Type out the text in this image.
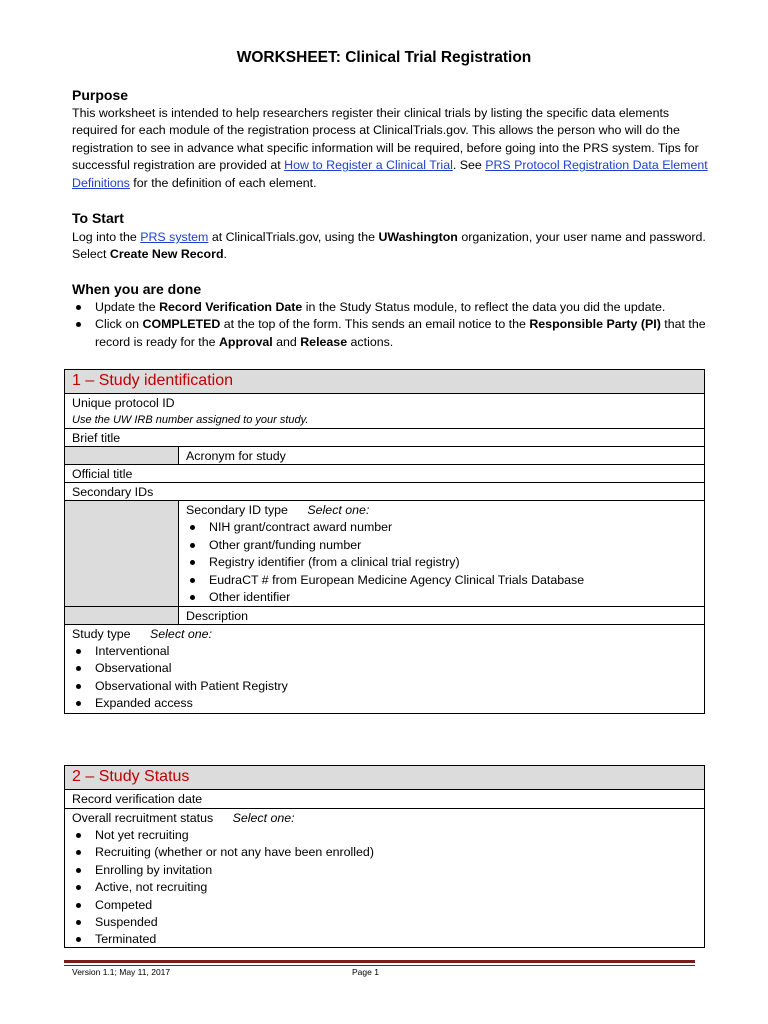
WORKSHEET: Clinical Trial Registration
Purpose
This worksheet is intended to help researchers register their clinical trials by listing the specific data elements required for each module of the registration process at ClinicalTrials.gov. This allows the person who will do the registration to see in advance what specific information will be required, before going into the PRS system. Tips for successful registration are provided at How to Register a Clinical Trial. See PRS Protocol Registration Data Element Definitions for the definition of each element.
To Start
Log into the PRS system at ClinicalTrials.gov, using the UWashington organization, your user name and password. Select Create New Record.
When you are done
Update the Record Verification Date in the Study Status module, to reflect the data you did the update.
Click on COMPLETED at the top of the form. This sends an email notice to the Responsible Party (PI) that the record is ready for the Approval and Release actions.
1 – Study identification
Unique protocol ID
Use the UW IRB number assigned to your study.
Brief title
Acronym for study
Official title
Secondary IDs
Secondary ID type Select one:
NIH grant/contract award number
Other grant/funding number
Registry identifier (from a clinical trial registry)
EudraCT # from European Medicine Agency Clinical Trials Database
Other identifier
Description
Study type Select one:
Interventional
Observational
Observational with Patient Registry
Expanded access
2 – Study Status
Record verification date
Overall recruitment status Select one:
Not yet recruiting
Recruiting (whether or not any have been enrolled)
Enrolling by invitation
Active, not recruiting
Competed
Suspended
Terminated
Version 1.1; May 11, 2017	Page 1
